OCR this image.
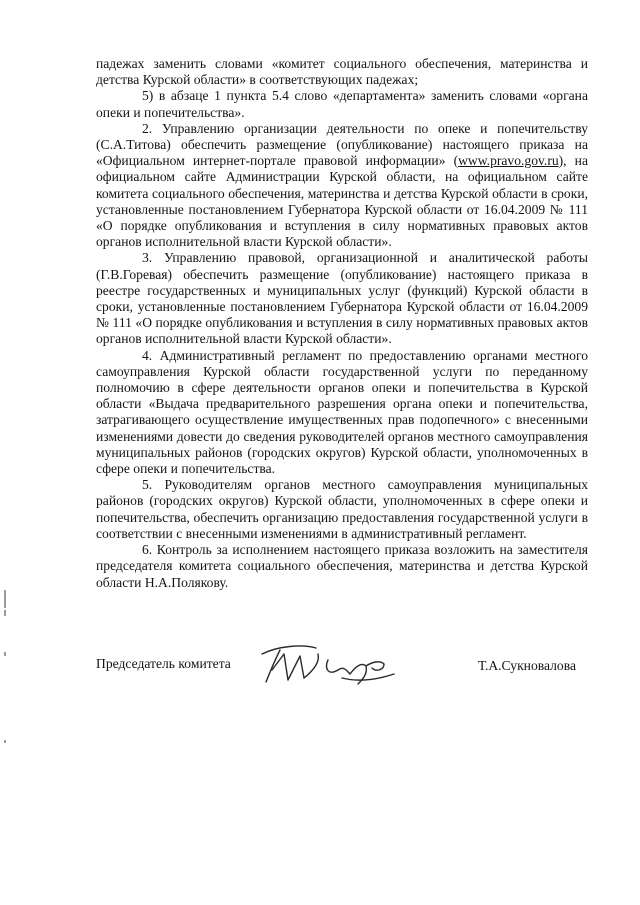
падежах заменить словами «комитет социального обеспечения, материнства и детства Курской области» в соответствующих падежах;

5) в абзаце 1 пункта 5.4 слово «департамента» заменить словами «органа опеки и попечительства».

2. Управлению организации деятельности по опеке и попечительству (С.А.Титова) обеспечить размещение (опубликование) настоящего приказа на «Официальном интернет-портале правовой информации» (www.pravo.gov.ru), на официальном сайте Администрации Курской области, на официальном сайте комитета социального обеспечения, материнства и детства Курской области в сроки, установленные постановлением Губернатора Курской области от 16.04.2009 № 111 «О порядке опубликования и вступления в силу нормативных правовых актов органов исполнительной власти Курской области».

3. Управлению правовой, организационной и аналитической работы (Г.В.Горевая) обеспечить размещение (опубликование) настоящего приказа в реестре государственных и муниципальных услуг (функций) Курской области в сроки, установленные постановлением Губернатора Курской области от 16.04.2009 № 111 «О порядке опубликования и вступления в силу нормативных правовых актов органов исполнительной власти Курской области».

4. Административный регламент по предоставлению органами местного самоуправления Курской области государственной услуги по переданному полномочию в сфере деятельности органов опеки и попечительства в Курской области «Выдача предварительного разрешения органа опеки и попечительства, затрагивающего осуществление имущественных прав подопечного» с внесенными изменениями довести до сведения руководителей органов местного самоуправления муниципальных районов (городских округов) Курской области, уполномоченных в сфере опеки и попечительства.

5. Руководителям органов местного самоуправления муниципальных районов (городских округов) Курской области, уполномоченных в сфере опеки и попечительства, обеспечить организацию предоставления государственной услуги в соответствии с внесенными изменениями в административный регламент.

6. Контроль за исполнением настоящего приказа возложить на заместителя председателя комитета социального обеспечения, материнства и детства Курской области Н.А.Полякову.

Председатель комитета	Т.А.Сукновалова
